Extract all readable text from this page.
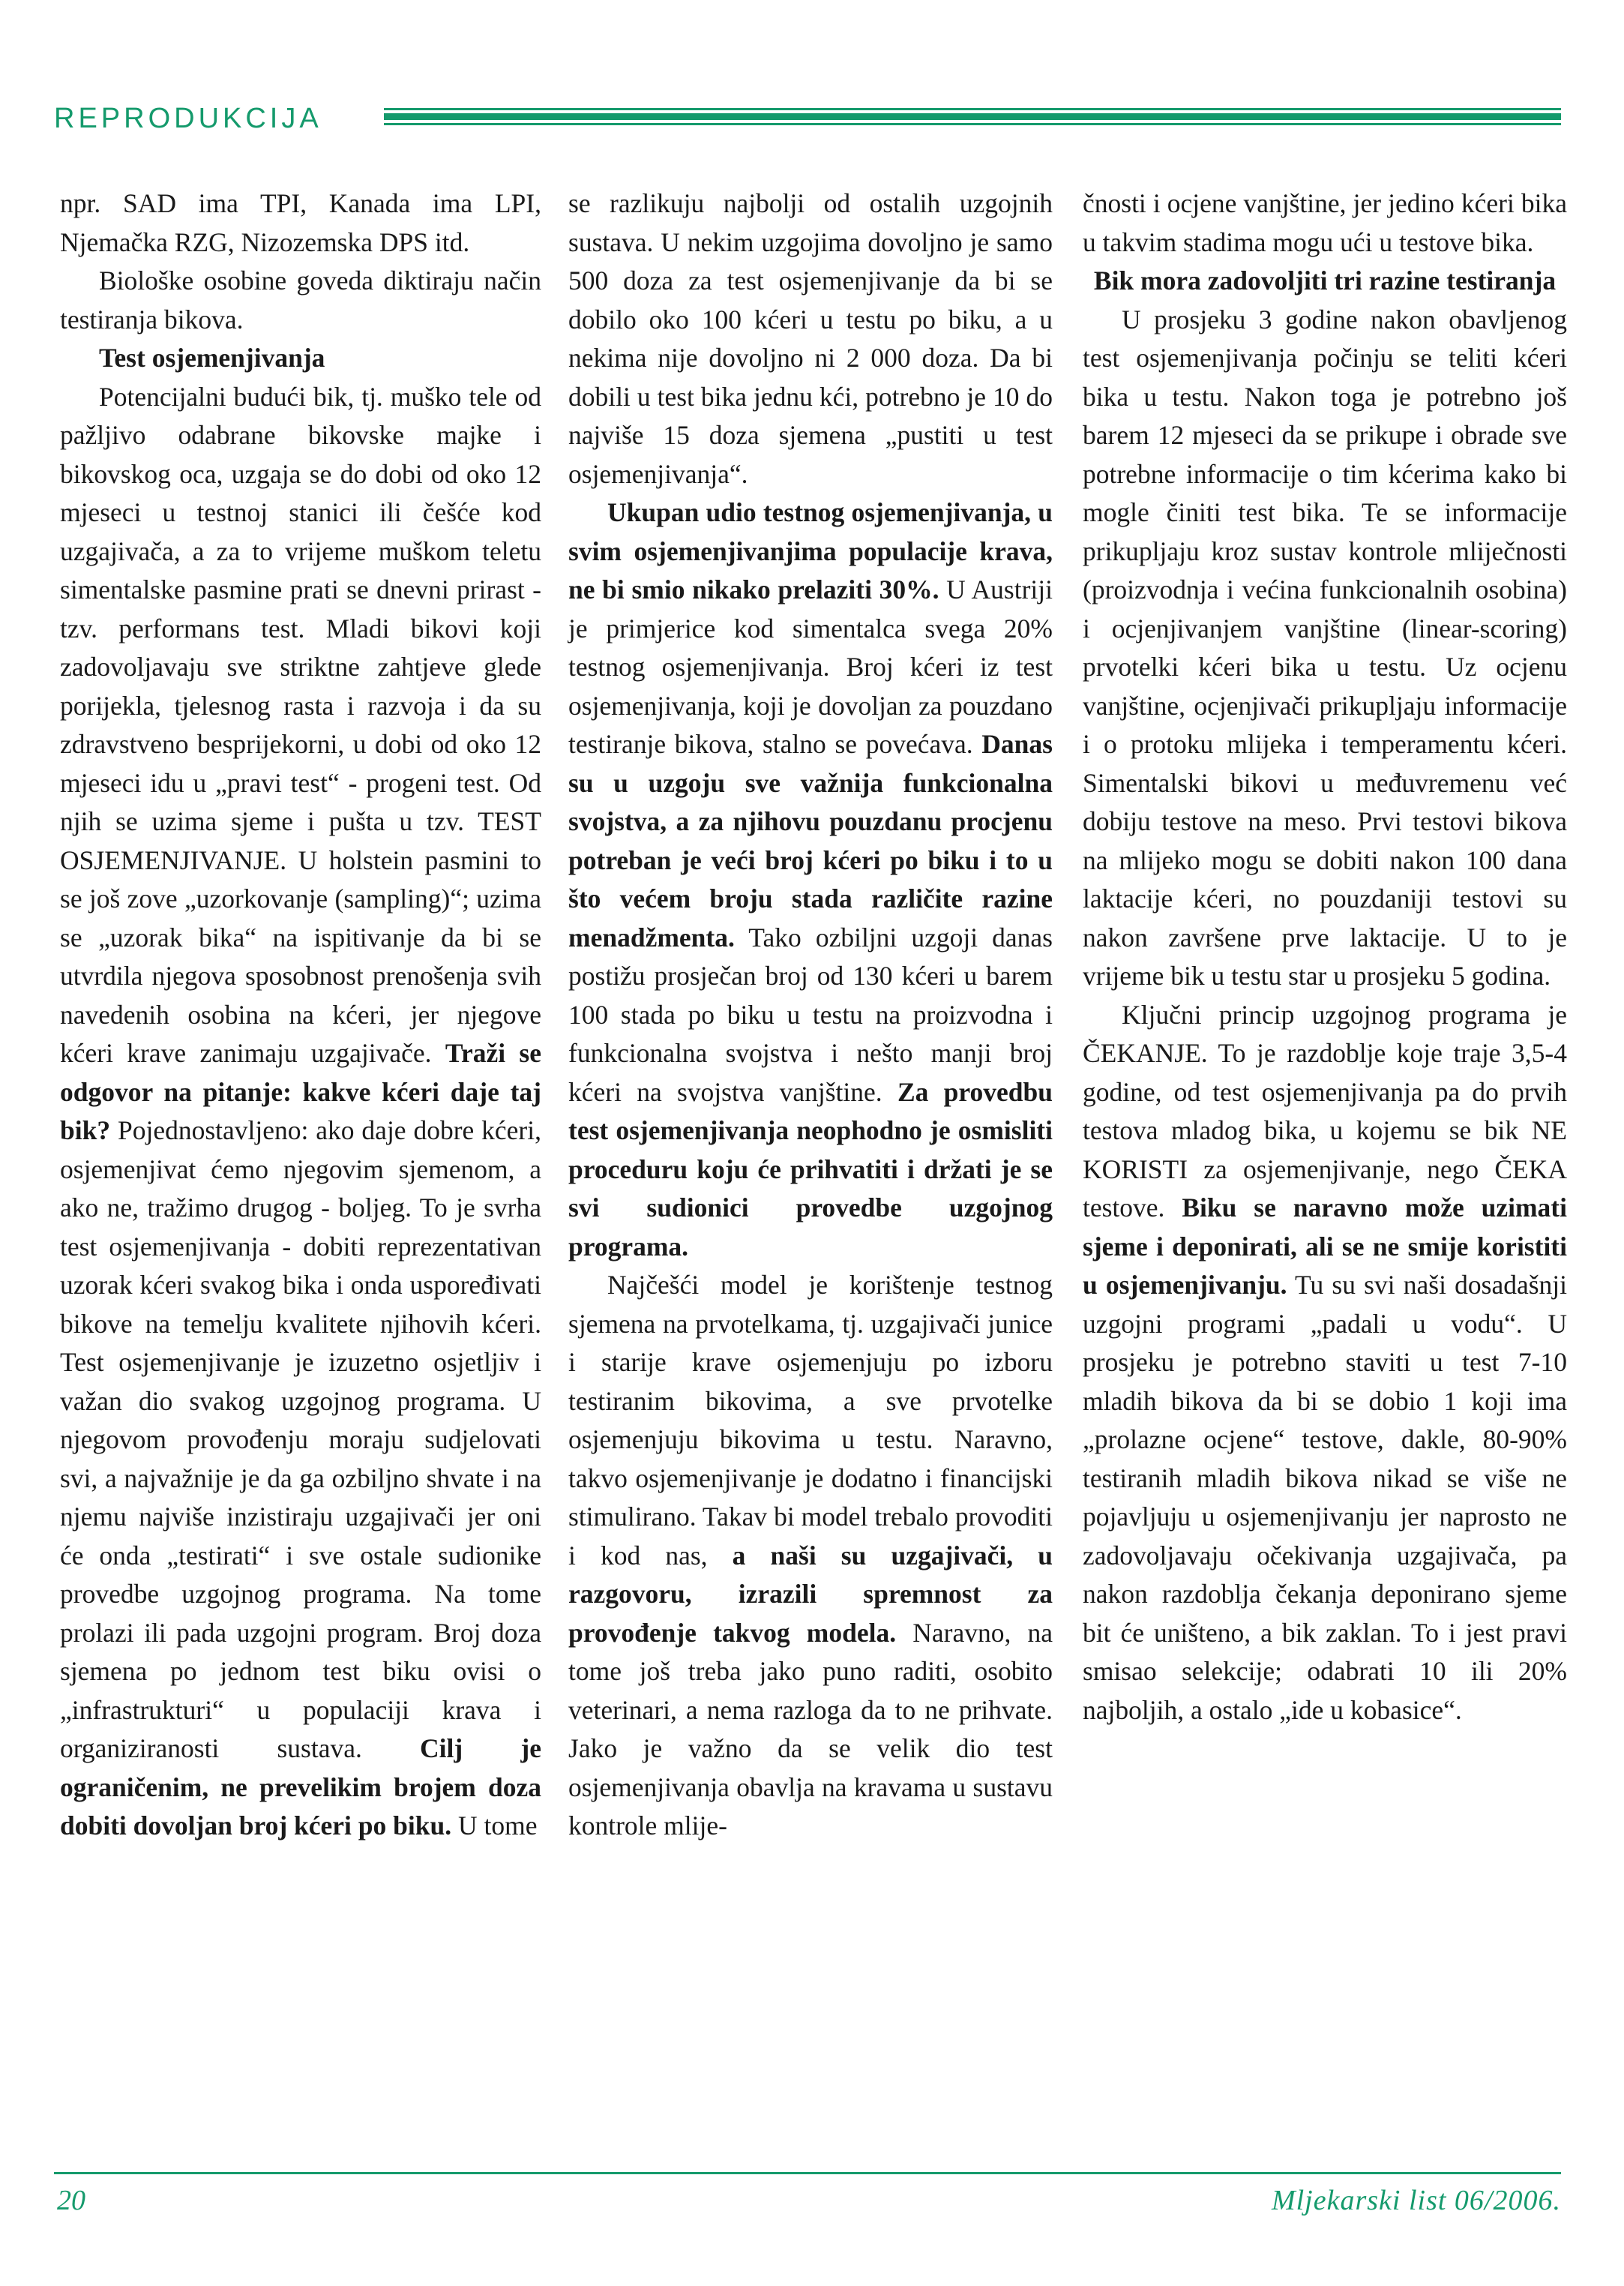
REPRODUKCIJA

npr. SAD ima TPI, Kanada ima LPI, Njemačka RZG, Nizozemska DPS itd.

Biološke osobine goveda diktiraju način testiranja bikova.

Test osjemenjivanja

Potencijalni budući bik, tj. muško tele od pažljivo odabrane bikovske majke i bikovskog oca, uzgaja se do dobi od oko 12 mjeseci u testnoj stanici ili češće kod uzgajivača, a za to vrijeme muškom teletu simentalske pasmine prati se dnevni prirast - tzv. performans test. Mladi bikovi koji zadovoljavaju sve striktne zahtjeve glede porijekla, tjelesnog rasta i razvoja i da su zdravstveno besprijekorni, u dobi od oko 12 mjeseci idu u „pravi test“ - progeni test. Od njih se uzima sjeme i pušta u tzv. TEST OSJEMENJIVANJE. U holstein pasmini to se još zove „uzorkovanje (sampling)“; uzima se „uzorak bika“ na ispitivanje da bi se utvrdila njegova sposobnost prenošenja svih navedenih osobina na kćeri, jer njegove kćeri krave zanimaju uzgajivače. Traži se odgovor na pitanje: kakve kćeri daje taj bik? Pojednostavljeno: ako daje dobre kćeri, osjemenjivat ćemo njegovim sjemenom, a ako ne, tražimo drugog - boljeg. To je svrha test osjemenjivanja - dobiti reprezentativan uzorak kćeri svakog bika i onda uspoređivati bikove na temelju kvalitete njihovih kćeri. Test osjemenjivanje je izuzetno osjetljiv i važan dio svakog uzgojnog programa. U njegovom provođenju moraju sudjelovati svi, a najvažnije je da ga ozbiljno shvate i na njemu najviše inzistiraju uzgajivači jer oni će onda „testirati“ i sve ostale sudionike provedbe uzgojnog programa. Na tome prolazi ili pada uzgojni program. Broj doza sjemena po jednom test biku ovisi o „infrastrukturi“ u populaciji krava i organiziranosti sustava. Cilj je ograničenim, ne prevelikim brojem doza dobiti dovoljan broj kćeri po biku. U tome

se razlikuju najbolji od ostalih uzgojnih sustava. U nekim uzgojima dovoljno je samo 500 doza za test osjemenjivanje da bi se dobilo oko 100 kćeri u testu po biku, a u nekima nije dovoljno ni 2 000 doza. Da bi dobili u test bika jednu kći, potrebno je 10 do najviše 15 doza sjemena „pustiti u test osjemenjivanja“.

Ukupan udio testnog osjemenjivanja, u svim osjemenjivanjima populacije krava, ne bi smio nikako prelaziti 30%. U Austriji je primjerice kod simentalca svega 20% testnog osjemenjivanja. Broj kćeri iz test osjemenjivanja, koji je dovoljan za pouzdano testiranje bikova, stalno se povećava. Danas su u uzgoju sve važnija funkcionalna svojstva, a za njihovu pouzdanu procjenu potreban je veći broj kćeri po biku i to u što većem broju stada različite razine menadžmenta. Tako ozbiljni uzgoji danas postižu prosječan broj od 130 kćeri u barem 100 stada po biku u testu na proizvodna i funkcionalna svojstva i nešto manji broj kćeri na svojstva vanjštine. Za provedbu test osjemenjivanja neophodno je osmisliti proceduru koju će prihvatiti i držati je se svi sudionici provedbe uzgojnog programa.

Najčešći model je korištenje testnog sjemena na prvotelkama, tj. uzgajivači junice i starije krave osjemenjuju po izboru testiranim bikovima, a sve prvotelke osjemenjuju bikovima u testu. Naravno, takvo osjemenjivanje je dodatno i financijski stimulirano. Takav bi model trebalo provoditi i kod nas, a naši su uzgajivači, u razgovoru, izrazili spremnost za provođenje takvog modela. Naravno, na tome još treba jako puno raditi, osobito veterinari, a nema razloga da to ne prihvate. Jako je važno da se velik dio test osjemenjivanja obavlja na kravama u sustavu kontrole mlije-

čnosti i ocjene vanjštine, jer jedino kćeri bika u takvim stadima mogu ući u testove bika.

Bik mora zadovoljiti tri razine testiranja

U prosjeku 3 godine nakon obavljenog test osjemenjivanja počinju se teliti kćeri bika u testu. Nakon toga je potrebno još barem 12 mjeseci da se prikupe i obrade sve potrebne informacije o tim kćerima kako bi mogle činiti test bika. Te se informacije prikupljaju kroz sustav kontrole mliječnosti (proizvodnja i većina funkcionalnih osobina) i ocjenjivanjem vanjštine (linear-scoring) prvotelki kćeri bika u testu. Uz ocjenu vanjštine, ocjenjivači prikupljaju informacije i o protoku mlijeka i temperamentu kćeri. Simentalski bikovi u međuvremenu već dobiju testove na meso. Prvi testovi bikova na mlijeko mogu se dobiti nakon 100 dana laktacije kćeri, no pouzdaniji testovi su nakon završene prve laktacije. U to je vrijeme bik u testu star u prosjeku 5 godina.

Ključni princip uzgojnog programa je ČEKANJE. To je razdoblje koje traje 3,5-4 godine, od test osjemenjivanja pa do prvih testova mladog bika, u kojemu se bik NE KORISTI za osjemenjivanje, nego ČEKA testove. Biku se naravno može uzimati sjeme i deponirati, ali se ne smije koristiti u osjemenjivanju. Tu su svi naši dosadašnji uzgojni programi „padali u vodu“. U prosjeku je potrebno staviti u test 7-10 mladih bikova da bi se dobio 1 koji ima „prolazne ocjene“ testove, dakle, 80-90% testiranih mladih bikova nikad se više ne pojavljuju u osjemenjivanju jer naprosto ne zadovoljavaju očekivanja uzgajivača, pa nakon razdoblja čekanja deponirano sjeme bit će uništeno, a bik zaklan. To i jest pravi smisao selekcije; odabrati 10 ili 20% najboljih, a ostalo „ide u kobasice“.

20	Mljekarski list 06/2006.
